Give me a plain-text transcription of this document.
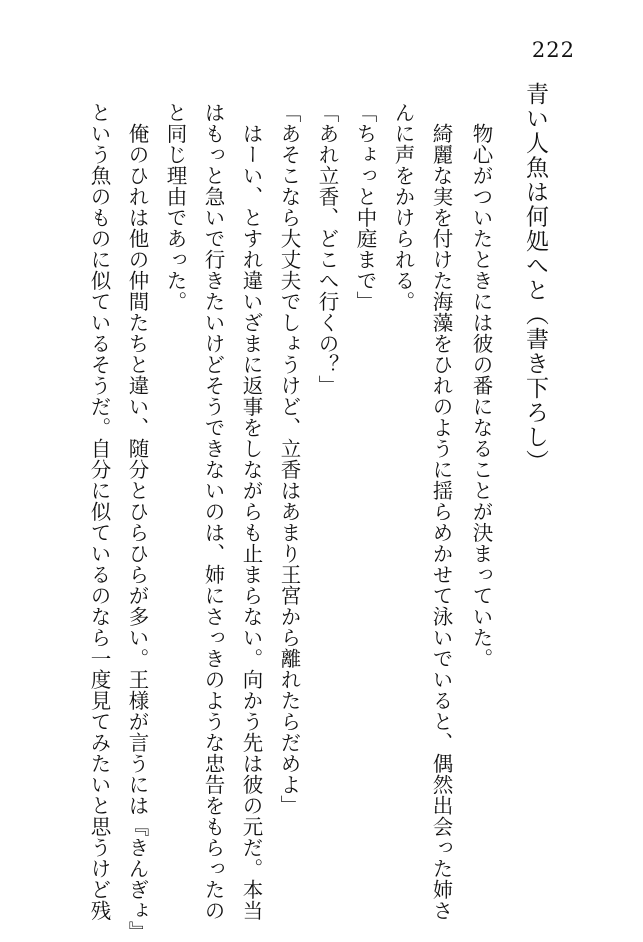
222
青い人魚は何処へと（書き下ろし）
　物心がついたときには彼の番になることが決まっていた。
　綺麗な実を付けた海藻をひれのように揺らめかせて泳いでいると、偶然出会った姉さ
んに声をかけられる。
「ちょっと中庭まで」
「あれ立香、どこへ行くの？」
「あそこなら大丈夫でしょうけど、立香はあまり王宮から離れたらだめよ」
　はーい、とすれ違いざまに返事をしながらも止まらない。向かう先は彼の元だ。本当
はもっと急いで行きたいけどそうできないのは、姉にさっきのような忠告をもらったの
と同じ理由であった。
　俺のひれは他の仲間たちと違い、随分とひらひらが多い。王様が言うには『きんぎょ』
という魚のものに似ているそうだ。自分に似ているのなら一度見てみたいと思うけど残
